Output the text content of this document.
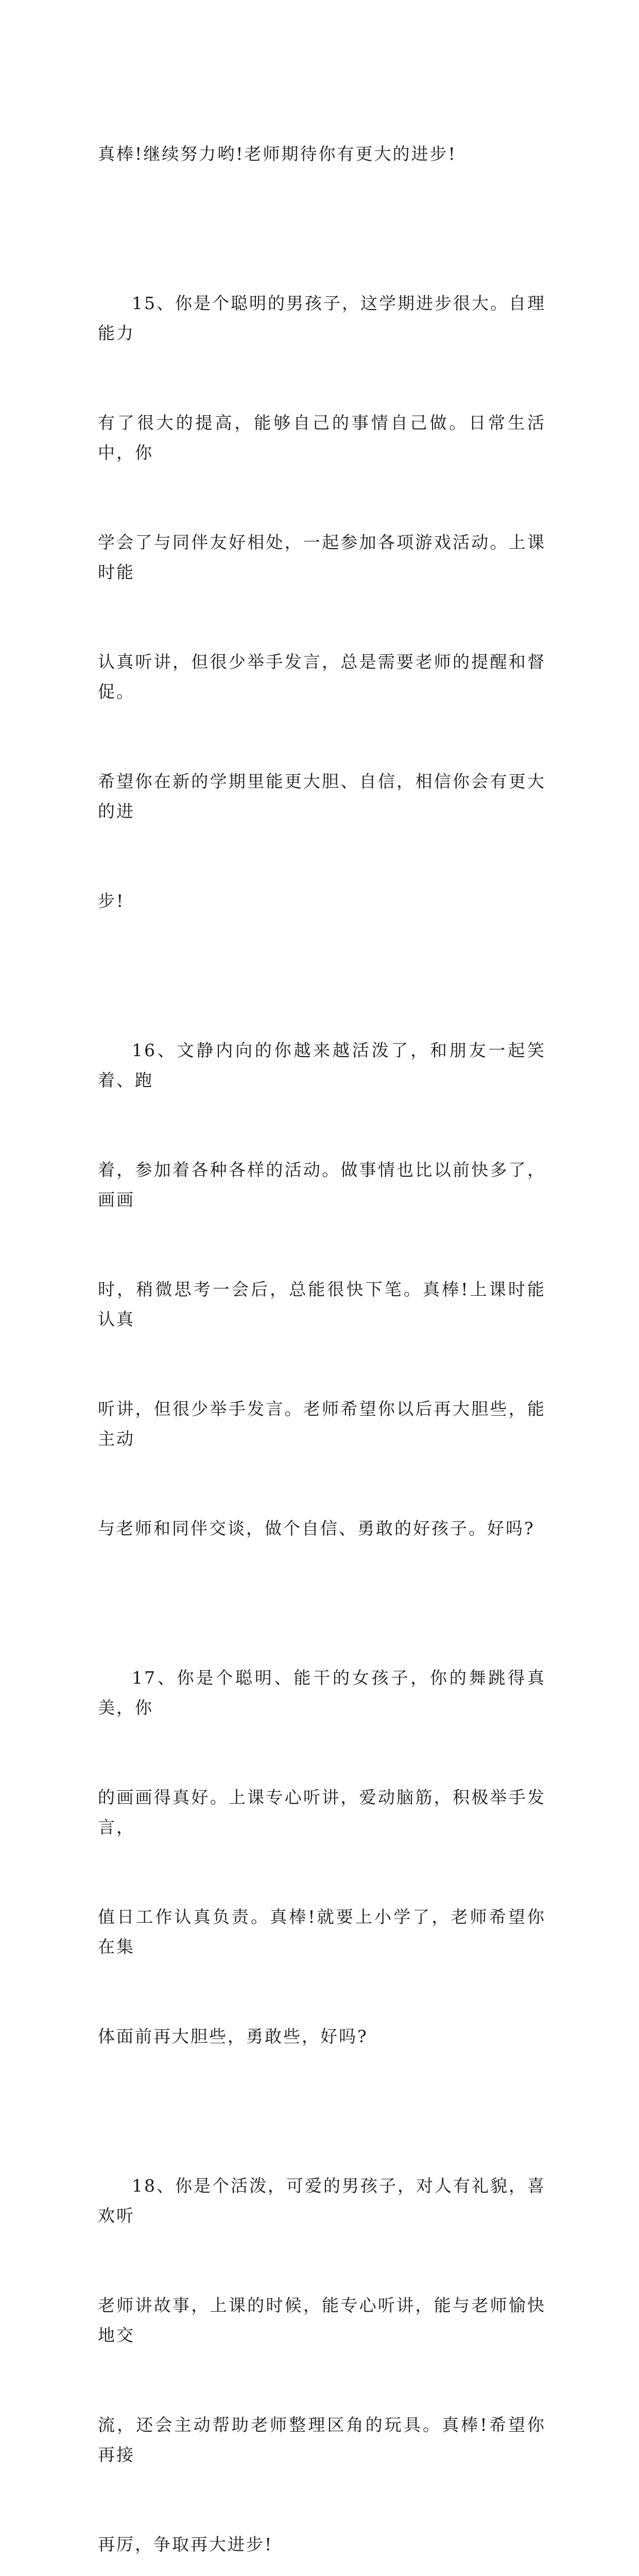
真棒!继续努力哟!老师期待你有更大的进步!

15、你是个聪明的男孩子，这学期进步很大。自理能力

有了很大的提高，能够自己的事情自己做。日常生活中，你

学会了与同伴友好相处，一起参加各项游戏活动。上课时能

认真听讲，但很少举手发言，总是需要老师的提醒和督促。

希望你在新的学期里能更大胆、自信，相信你会有更大的进

步!

16、文静内向的你越来越活泼了，和朋友一起笑着、跑

着，参加着各种各样的活动。做事情也比以前快多了，画画

时，稍微思考一会后，总能很快下笔。真棒!上课时能认真

听讲，但很少举手发言。老师希望你以后再大胆些，能主动

与老师和同伴交谈，做个自信、勇敢的好孩子。好吗?

17、你是个聪明、能干的女孩子，你的舞跳得真美，你

的画画得真好。上课专心听讲，爱动脑筋，积极举手发言，

值日工作认真负责。真棒!就要上小学了，老师希望你在集

体面前再大胆些，勇敢些，好吗?

18、你是个活泼，可爱的男孩子，对人有礼貌，喜欢听

老师讲故事，上课的时候，能专心听讲，能与老师愉快地交

流，还会主动帮助老师整理区角的玩具。真棒!希望你再接

再厉，争取再大进步!
